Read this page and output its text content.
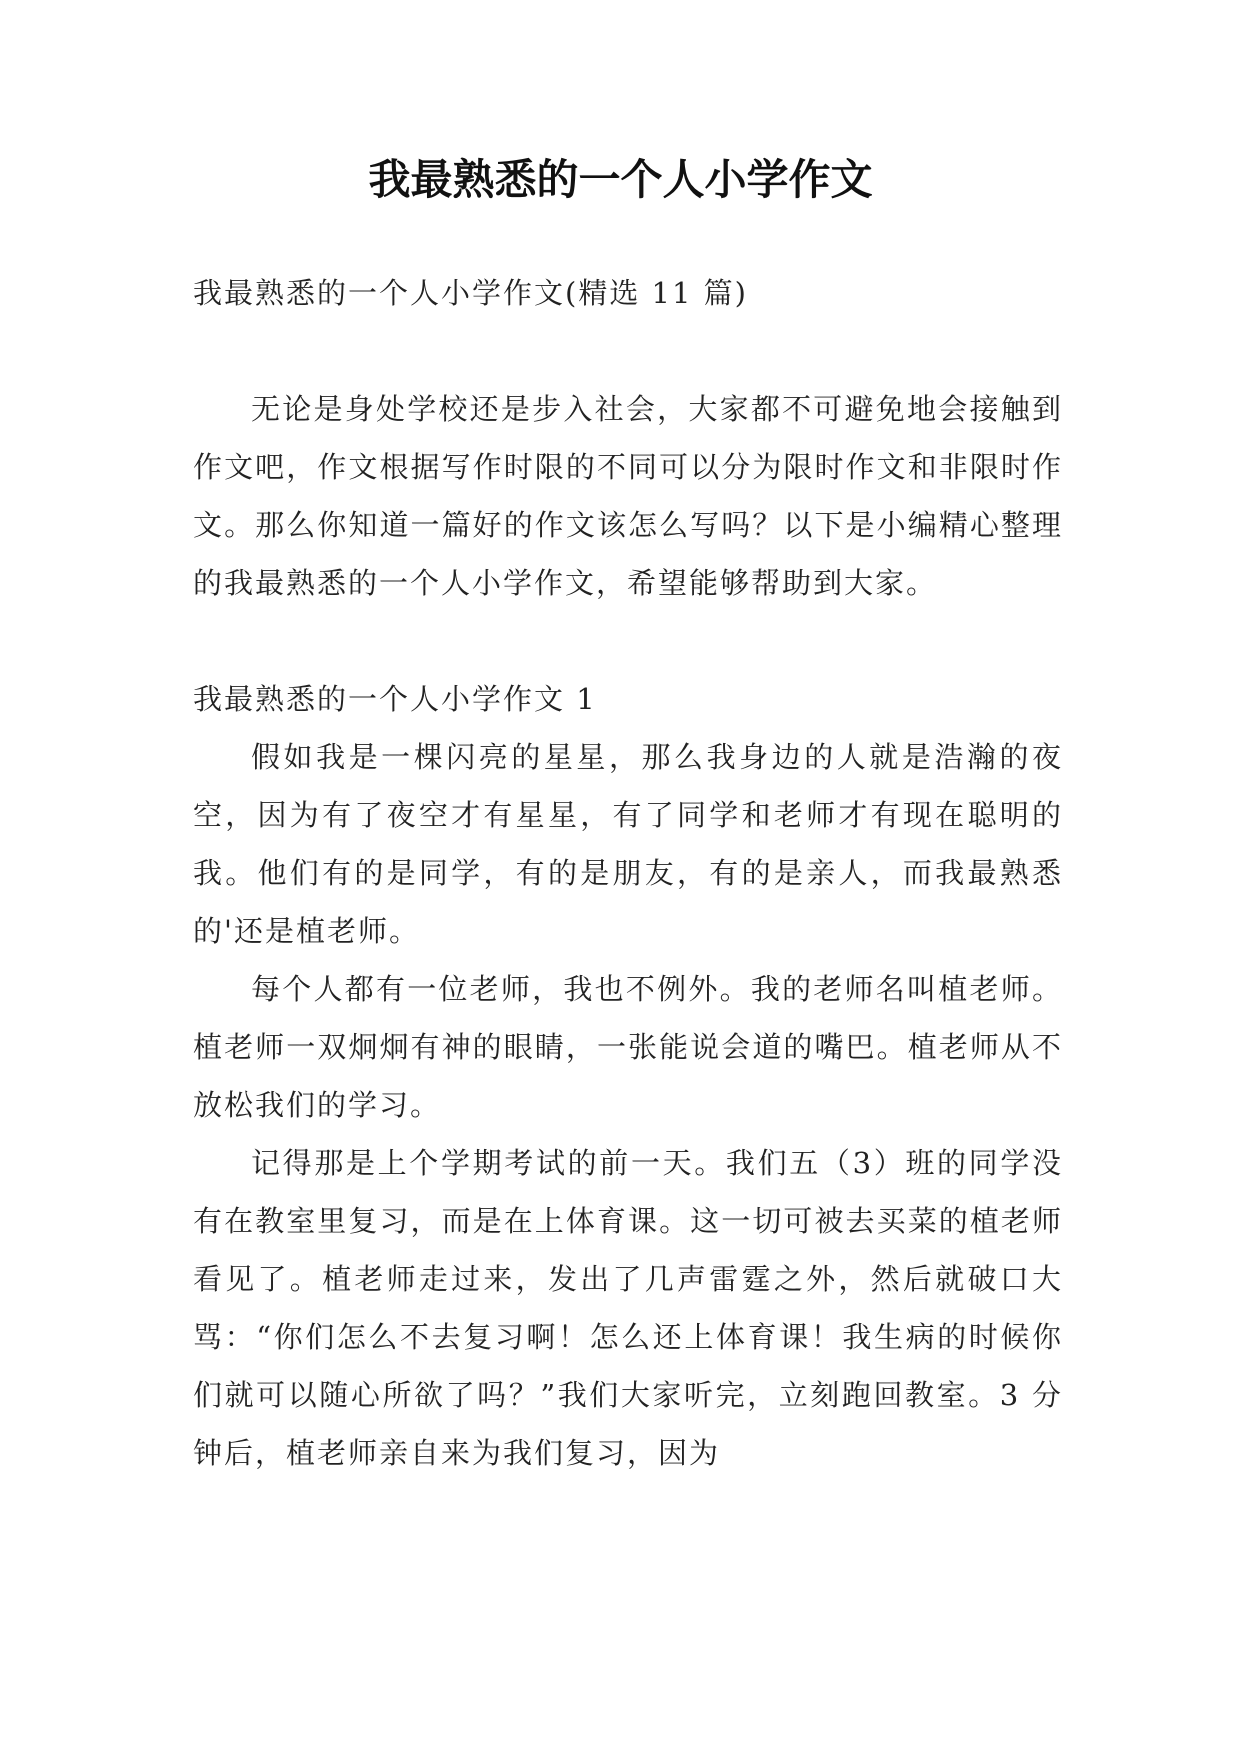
我最熟悉的一个人小学作文

我最熟悉的一个人小学作文(精选 11 篇)

无论是身处学校还是步入社会，大家都不可避免地会接触到作文吧，作文根据写作时限的不同可以分为限时作文和非限时作文。那么你知道一篇好的作文该怎么写吗？以下是小编精心整理的我最熟悉的一个人小学作文，希望能够帮助到大家。

我最熟悉的一个人小学作文 1

假如我是一棵闪亮的星星，那么我身边的人就是浩瀚的夜空，因为有了夜空才有星星，有了同学和老师才有现在聪明的我。他们有的是同学，有的是朋友，有的是亲人，而我最熟悉的'还是植老师。

每个人都有一位老师，我也不例外。我的老师名叫植老师。植老师一双炯炯有神的眼睛，一张能说会道的嘴巴。植老师从不放松我们的学习。

记得那是上个学期考试的前一天。我们五（3）班的同学没有在教室里复习，而是在上体育课。这一切可被去买菜的植老师看见了。植老师走过来，发出了几声雷霆之外，然后就破口大骂：“你们怎么不去复习啊！怎么还上体育课！我生病的时候你们就可以随心所欲了吗？”我们大家听完，立刻跑回教室。3 分钟后，植老师亲自来为我们复习，因为
